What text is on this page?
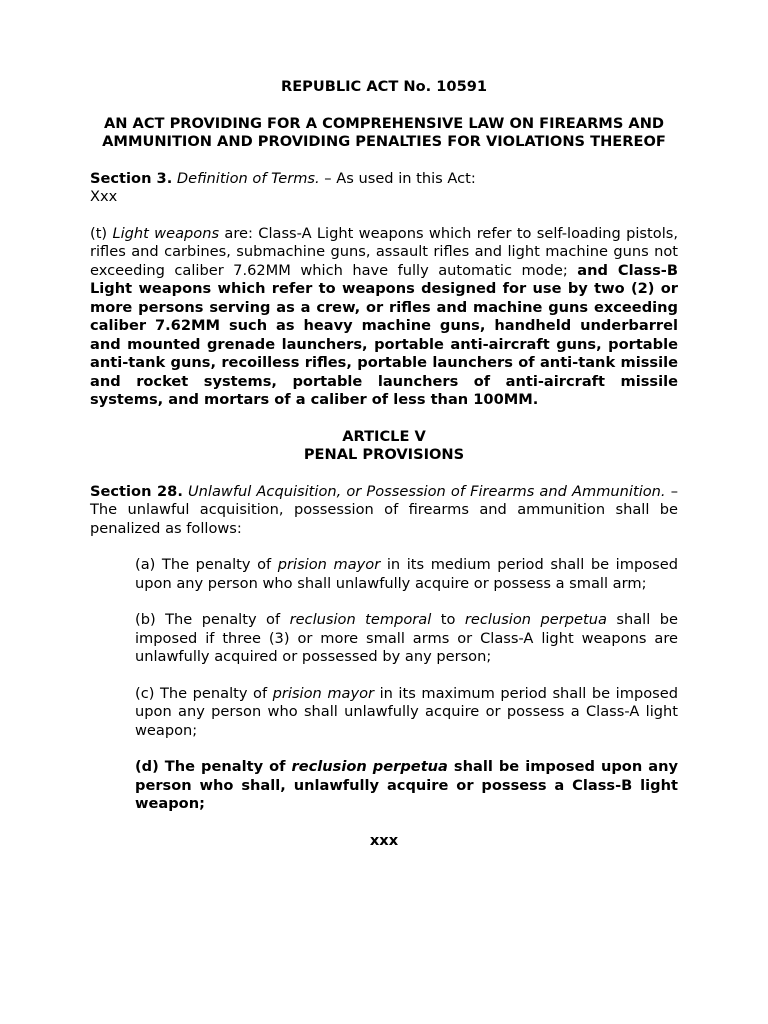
REPUBLIC ACT No. 10591

AN ACT PROVIDING FOR A COMPREHENSIVE LAW ON FIREARMS AND AMMUNITION AND PROVIDING PENALTIES FOR VIOLATIONS THEREOF

Section 3. Definition of Terms. – As used in this Act:

Xxx

(t) Light weapons are: Class-A Light weapons which refer to self-loading pistols, rifles and carbines, submachine guns, assault rifles and light machine guns not exceeding caliber 7.62MM which have fully automatic mode; and Class-B Light weapons which refer to weapons designed for use by two (2) or more persons serving as a crew, or rifles and machine guns exceeding caliber 7.62MM such as heavy machine guns, handheld underbarrel and mounted grenade launchers, portable anti-aircraft guns, portable anti-tank guns, recoilless rifles, portable launchers of anti-tank missile and rocket systems, portable launchers of anti-aircraft missile systems, and mortars of a caliber of less than 100MM.

ARTICLE V

PENAL PROVISIONS

Section 28. Unlawful Acquisition, or Possession of Firearms and Ammunition. – The unlawful acquisition, possession of firearms and ammunition shall be penalized as follows:

(a) The penalty of prision mayor in its medium period shall be imposed upon any person who shall unlawfully acquire or possess a small arm;

(b) The penalty of reclusion temporal to reclusion perpetua shall be imposed if three (3) or more small arms or Class-A light weapons are unlawfully acquired or possessed by any person;

(c) The penalty of prision mayor in its maximum period shall be imposed upon any person who shall unlawfully acquire or possess a Class-A light weapon;

(d) The penalty of reclusion perpetua shall be imposed upon any person who shall, unlawfully acquire or possess a Class-B light weapon;

xxx
